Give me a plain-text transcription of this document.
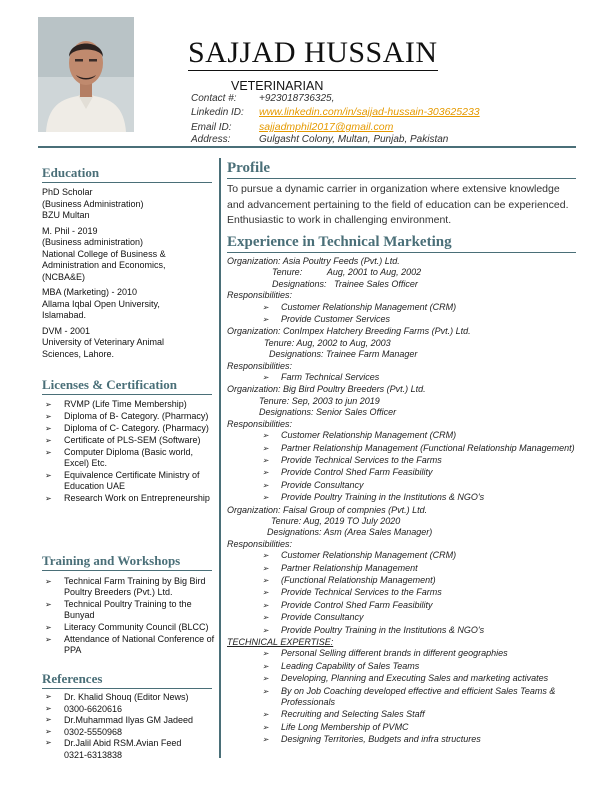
SAJJAD HUSSAIN
VETERINARIAN
Contact #: +923018736325,
Linkedin ID: www.linkedin.com/in/sajjad-hussain-303625233
Email ID:	sajjadmphil2017@gmail.com
Address:	Gulgasht Colony, Multan, Punjab, Pakistan
Education

PhD Scholar
(Business Administration)
BZU Multan

M. Phil - 2019
(Business administration)
National College of Business &
Administration and Economics,
(NCBA&E)

MBA (Marketing) - 2010
Allama Iqbal Open University,
Islamabad.

DVM - 2001
University of Veterinary Animal
Sciences, Lahore.

Licenses & Certification
➢ RVMP (Life Time Membership)
➢ Diploma of B- Category. (Pharmacy)
➢ Diploma of C- Category. (Pharmacy)
➢ Certificate of PLS-SEM (Software)
➢ Computer Diploma (Basic world, Excel) Etc.
➢ Equivalence Certificate Ministry of Education UAE
➢ Research Work on Entrepreneurship
Training and Workshops
➢ Technical Farm Training by Big Bird Poultry Breeders (Pvt.) Ltd.
➢ Technical Poultry Training to the Bunyad
➢ Literacy Community Council (BLCC)
➢ Attendance of National Conference of PPA
References
➢ Dr. Khalid Shouq (Editor News)
➢ 0300-6620616
➢ Dr.Muhammad Ilyas GM Jadeed
➢ 0302-5550968
➢ Dr.Jalil Abid RSM.Avian Feed
0321-6313838
Profile
To pursue a dynamic carrier in organization where extensive knowledge and advancement pertaining to the field of education can be experienced. Enthusiastic to work in challenging environment.
Experience in Technical Marketing
Organization: Asia Poultry Feeds (Pvt.) Ltd.
Tenure:          Aug, 2001 to Aug, 2002
Designations:   Trainee Sales Officer
Responsibilities:
➢ Customer Relationship Management (CRM)
➢ Provide Customer Services
Organization: ConImpex Hatchery Breeding Farms (Pvt.) Ltd.
Tenure: Aug, 2002 to Aug, 2003
Designations: Trainee Farm Manager
Responsibilities:
➢ Farm Technical Services
Organization: Big Bird Poultry Breeders (Pvt.) Ltd.
Tenure: Sep, 2003 to jun 2019
Designations: Senior Sales Officer
Responsibilities:
➢ Customer Relationship Management (CRM)
➢ Partner Relationship Management (Functional Relationship Management)
➢ Provide Technical Services to the Farms
➢ Provide Control Shed Farm Feasibility
➢ Provide Consultancy
➢ Provide Poultry Training in the Institutions & NGO's
Organization: Faisal Group of compnies (Pvt.) Ltd.
Tenure: Aug, 2019 TO July 2020
Designations: Asm (Area Sales Manager)
Responsibilities:
➢ Customer Relationship Management (CRM)
➢ Partner Relationship Management
➢ (Functional Relationship Management)
➢ Provide Technical Services to the Farms
➢ Provide Control Shed Farm Feasibility
➢ Provide Consultancy
➢ Provide Poultry Training in the Institutions & NGO's
TECHNICAL EXPERTISE:
➢ Personal Selling different brands in different geographies
➢ Leading Capability of Sales Teams
➢ Developing, Planning and Executing Sales and marketing activates
➢ By on Job Coaching developed effective and efficient Sales Teams & Professionals
➢ Recruiting and Selecting Sales Staff
➢ Life Long Membership of PVMC
➢ Designing Territories, Budgets and infra structures
